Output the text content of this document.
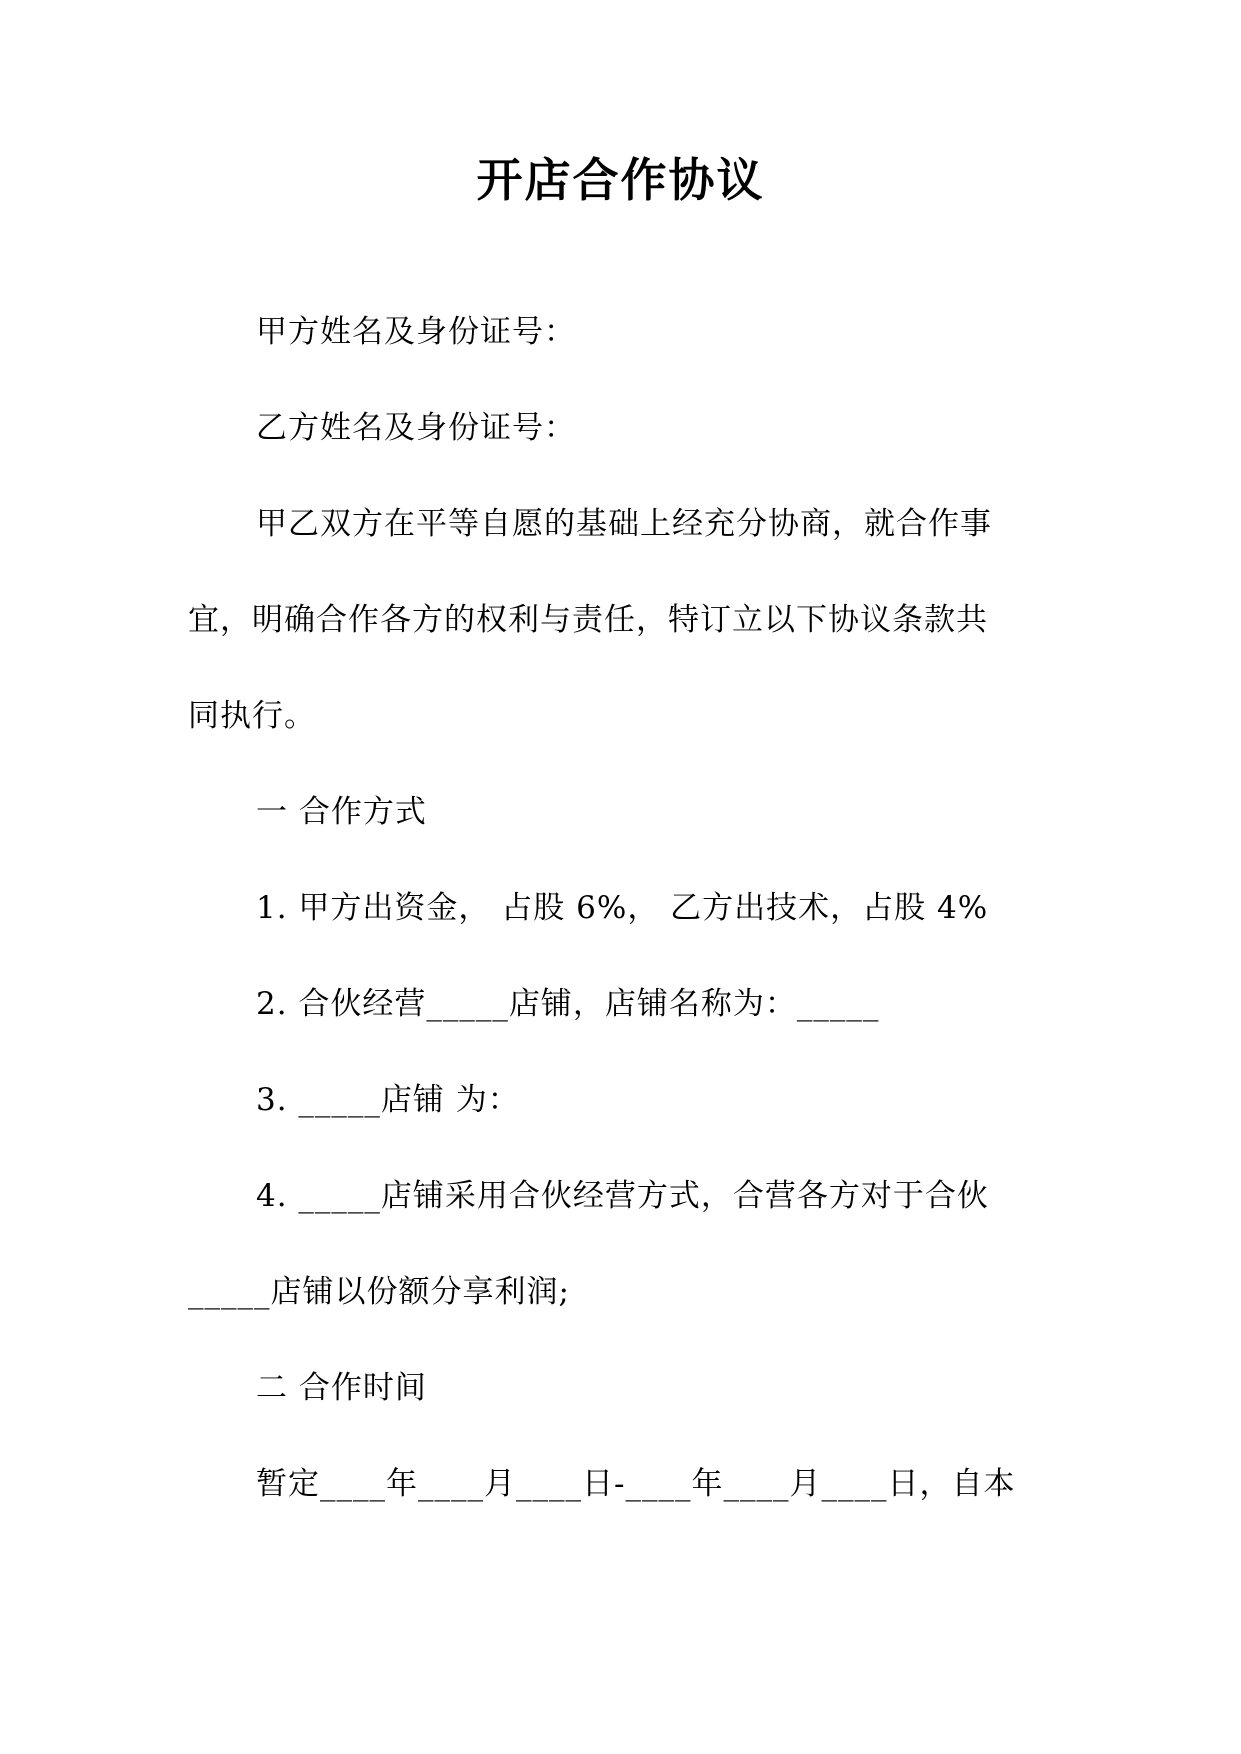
开店合作协议
甲方姓名及身份证号：
乙方姓名及身份证号：
甲乙双方在平等自愿的基础上经充分协商，就合作事
宜，明确合作各方的权利与责任，特订立以下协议条款共
同执行。
一 合作方式
1. 甲方出资金， 占股 6%， 乙方出技术，占股 4%
2. 合伙经营_____店铺，店铺名称为：_____
3. _____店铺 为：
4. _____店铺采用合伙经营方式，合营各方对于合伙
_____店铺以份额分享利润;
二 合作时间
暂定____年____月____日-____年____月____日，自本
